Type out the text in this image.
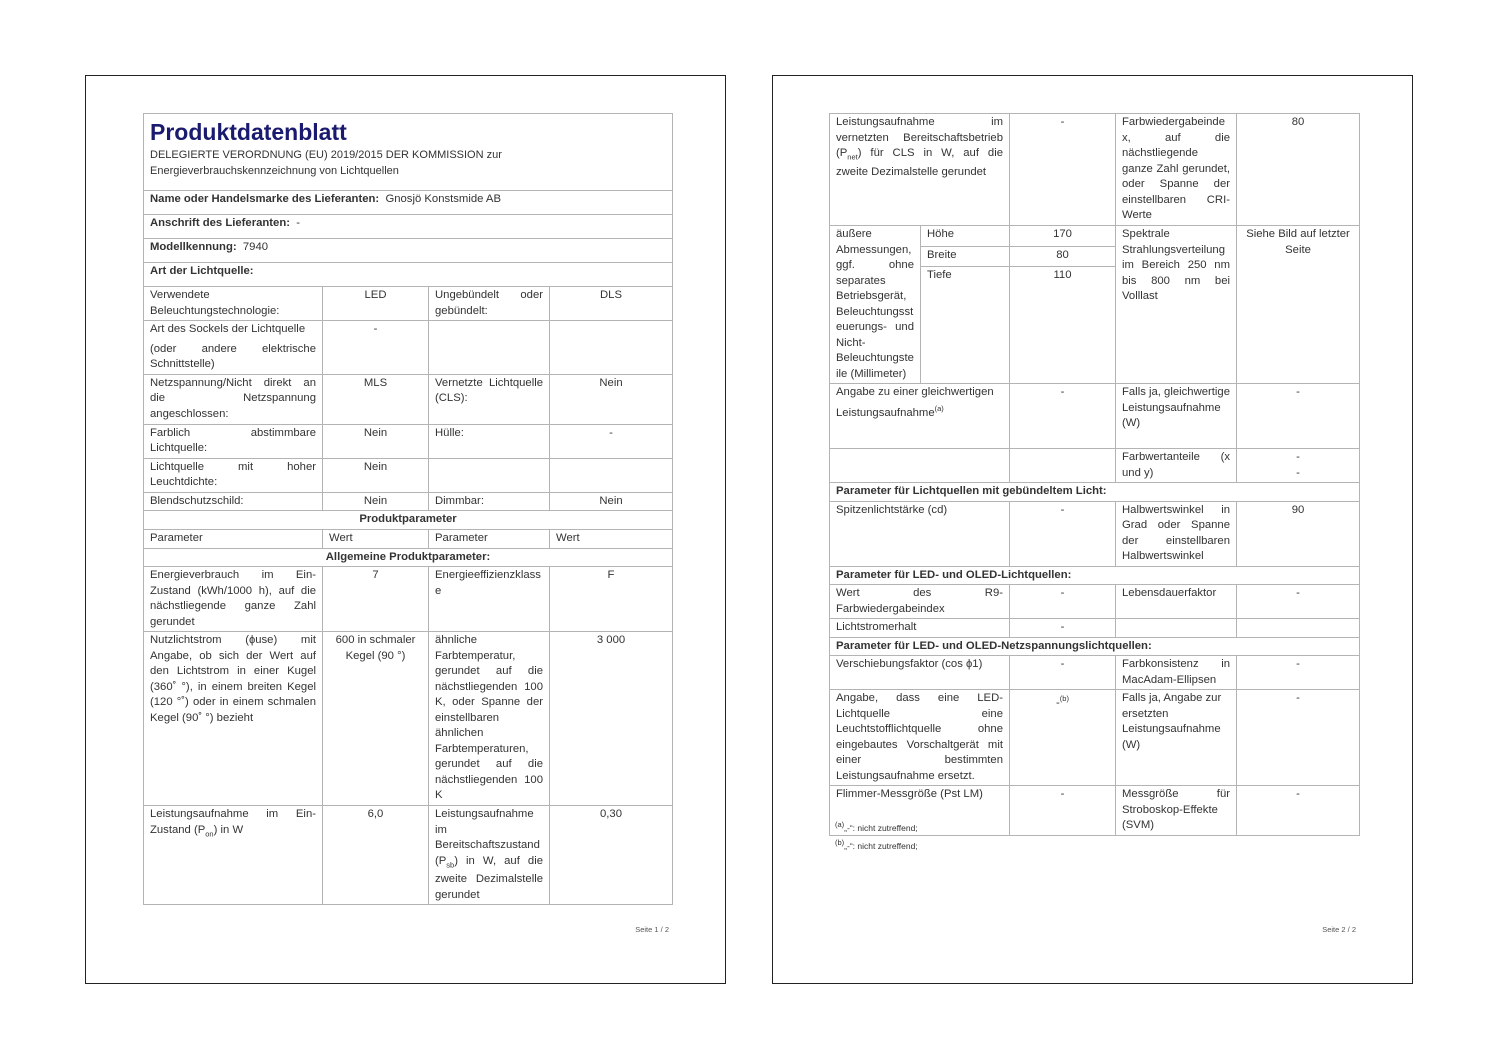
Produktdatenblatt
DELEGIERTE VERORDNUNG (EU) 2019/2015 DER KOMMISSION zur
Energieverbrauchskennzeichnung von Lichtquellen			

Name oder Handelsmarke des Lieferanten: Gnosjö Konstsmide AB			
Anschrift des Lieferanten: -			
Modellkennung: 7940			
Art der Lichtquelle:			
Verwendete Beleuchtungstechnologie:	LED	Ungebündelt oder gebündelt:	DLS

Art des Sockels der Lichtquelle
(oder andere elektrische Schnittstelle)	-		
Netzspannung/Nicht direkt an die Netzspannung angeschlossen:	MLS	Vernetzte Lichtquelle (CLS):	Nein
Farblich abstimmbare Lichtquelle:	Nein	Hülle:	-
Lichtquelle mit hoher Leuchtdichte:	Nein		
Blendschutzschild:	Nein	Dimmbar:	Nein
Produktparameter			
Parameter	Wert	Parameter	Wert
Allgemeine Produktparameter:			
Energieverbrauch im Ein-Zustand (kWh/1000 h), auf die nächstliegende ganze Zahl gerundet	7	Energieeffizienzklasse	F
Nutzlichtstrom (ɸuse) mit Angabe, ob sich der Wert auf den Lichtstrom in einer Kugel (360˚ °), in einem breiten Kegel (120 °˚) oder in einem schmalen Kegel (90˚ °) bezieht	600 in schmaler Kegel (90 °)	ähnliche Farbtemperatur, gerundet auf die nächstliegenden 100 K, oder Spanne der einstellbaren ähnlichen Farbtemperaturen, gerundet auf die nächstliegenden 100 K	3 000
Leistungsaufnahme im Ein-Zustand $(P_{on})$ in W	6,0	Leistungsaufnahme im Bereitschaftszustand $(P_{sb})$ in W, auf die zweite Dezimalstelle gerundet	0,30
Seite 1 / 2
Leistungsaufnahme im vernetzten Bereitschaftsbetrieb $(P_{net})$ für CLS in W, auf die zweite Dezimalstelle gerundet		-	Farbwiedergabeindex, auf die nächstliegende ganze Zahl gerundet, oder Spanne der einstellbaren CRI-Werte	80
äußere Abmessungen, ggf. ohne separates Betriebsgerät, Beleuchtungssteuerungs- und Nicht-Beleuchtungsteile (Millimeter)	Höhe	170	Spektrale Strahlungsverteilung im Bereich 250 nm bis 800 nm bei Volllast	Siehe Bild auf letzter Seite
	Breite	80		
	Tiefe	110		
Angabe zu einer gleichwertigen Leistungsaufnahme$^{(a)}$		-	Falls ja, gleichwertige Leistungsaufnahme (W)	-
			Farbwertanteile (x und y)	-
-

Parameter für Lichtquellen mit gebündeltem Licht:				
Spitzenlichtstärke (cd)		-	Halbwertswinkel in Grad oder Spanne der einstellbaren Halbwertswinkel	90
Parameter für LED- und OLED-Lichtquellen:				
Wert des R9-Farbwiedergabeindex		-	Lebensdauerfaktor	-
Lichtstromerhalt		-		
Parameter für LED- und OLED-Netzspannungslichtquellen:				
Verschiebungsfaktor (cos ϕ1)		-	Farbkonsistenz in MacAdam-Ellipsen	-
Angabe, dass eine LED-Lichtquelle eine Leuchtstofflichtquelle ohne eingebautes Vorschaltgerät mit einer bestimmten Leistungsaufnahme ersetzt.		-$^{(b)}$	Falls ja, Angabe zur ersetzten Leistungsaufnahme (W)	-
Flimmer-Messgröße (Pst LM)		-	Messgröße für Stroboskop-Effekte (SVM)	-
$^{(a)}$„-“: nicht zutreffend;
$^{(b)}$„-“: nicht zutreffend;
Seite 2 / 2
